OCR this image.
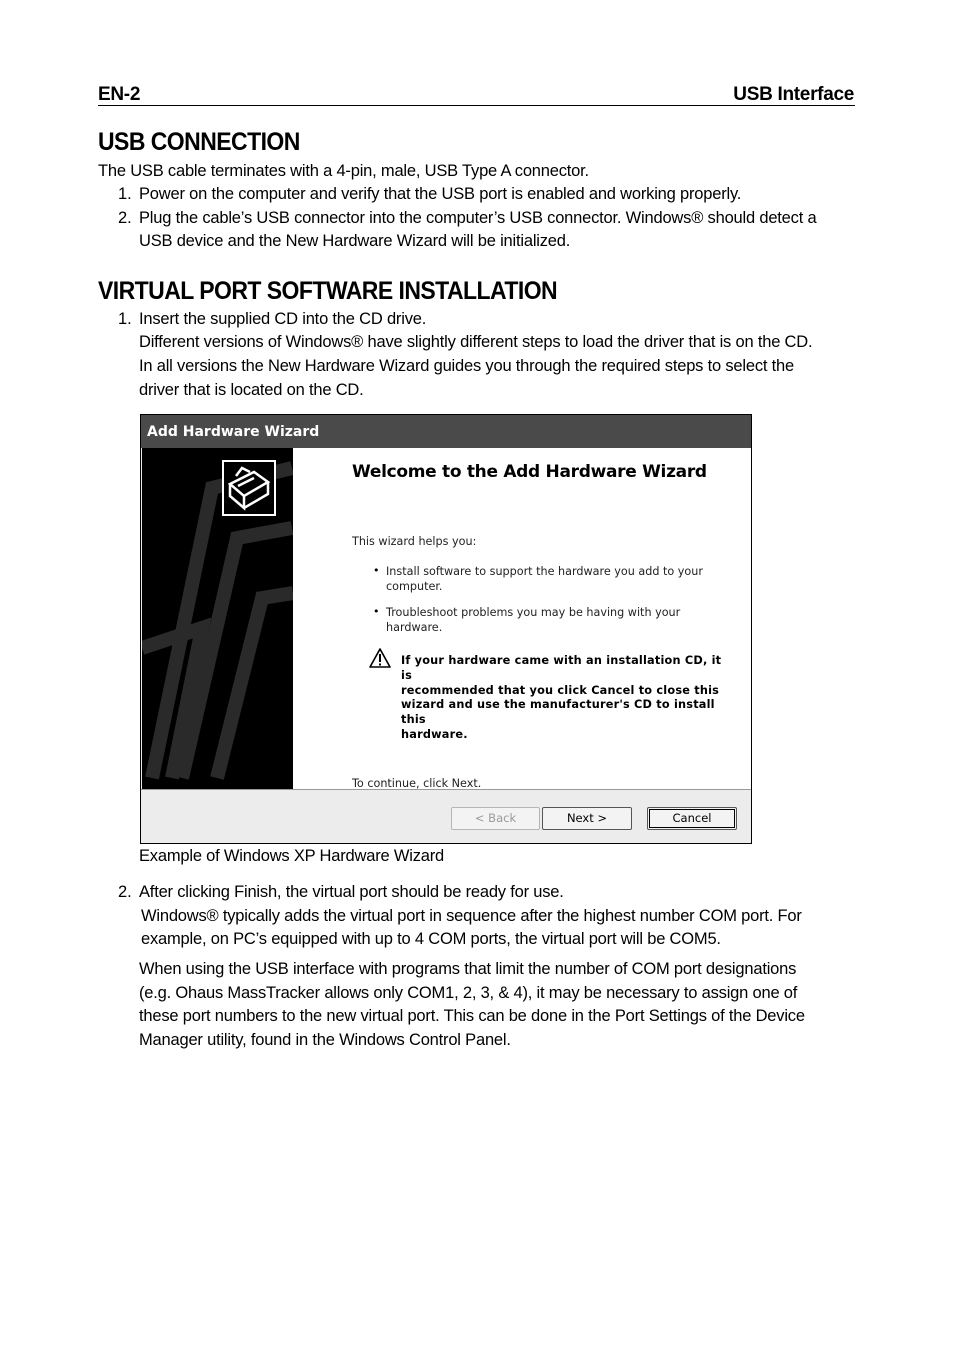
EN-2	USB Interface
USB CONNECTION

The USB cable terminates with a 4-pin, male, USB Type A connector.

1. Power on the computer and verify that the USB port is enabled and working properly.

2. Plug the cable’s USB connector into the computer’s USB connector. Windows® should detect a

USB device and the New Hardware Wizard will be initialized.

VIRTUAL PORT SOFTWARE INSTALLATION
1. Insert the supplied CD into the CD drive.

Different versions of Windows® have slightly different steps to load the driver that is on the CD.

In all versions the New Hardware Wizard guides you through the required steps to select the

driver that is located on the CD.

Add Hardware Wizard
Welcome to the Add Hardware Wizard
This wizard helps you:
• Install software to support the hardware you add to your
computer.
• Troubleshoot problems you may be having with your
hardware.
If your hardware came with an installation CD, it is
recommended that you click Cancel to close this
wizard and use the manufacturer's CD to install this
hardware.
To continue, click Next.
< Back	Next >	Cancel

Example of Windows XP Hardware Wizard

2. After clicking Finish, the virtual port should be ready for use.

Windows® typically adds the virtual port in sequence after the highest number COM port. For

example, on PC’s equipped with up to 4 COM ports, the virtual port will be COM5.

When using the USB interface with programs that limit the number of COM port designations

(e.g. Ohaus MassTracker allows only COM1, 2, 3, & 4), it may be necessary to assign one of

these port numbers to the new virtual port. This can be done in the Port Settings of the Device

Manager utility, found in the Windows Control Panel.
